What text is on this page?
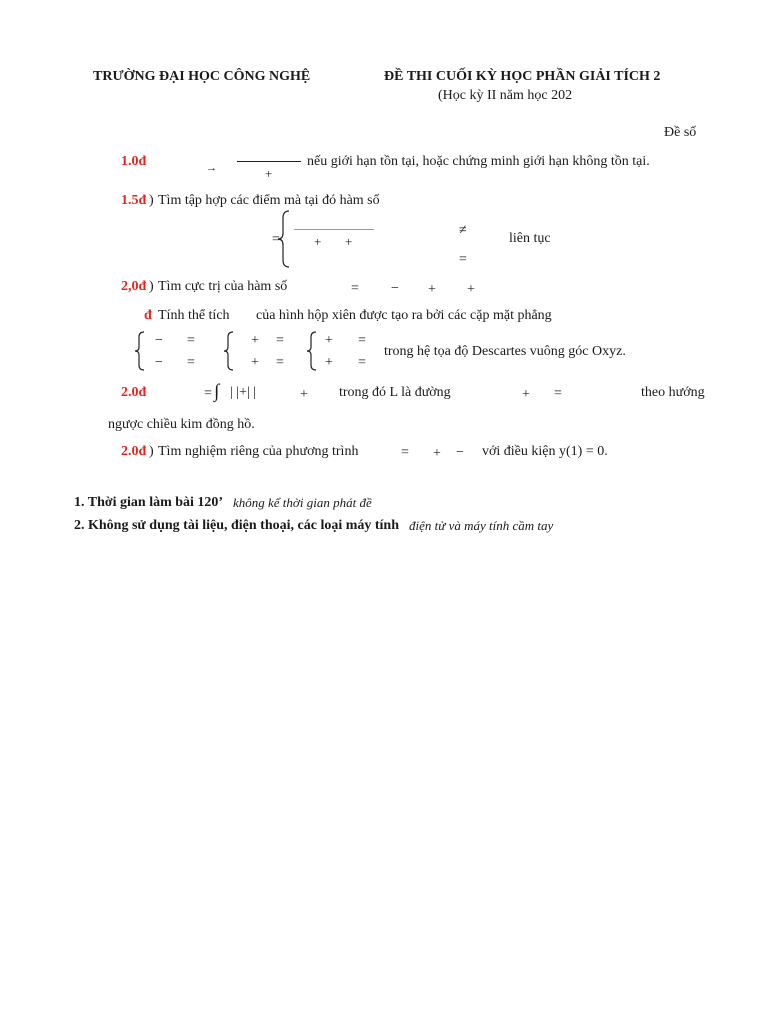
TRƯỜNG ĐẠI HỌC CÔNG NGHỆ	ĐỀ THI CUỐI KỲ HỌC PHẦN GIẢI TÍCH 2
(Học kỳ II năm học 202
Đề số
1.0đ	→	+
nếu giới hạn tồn tại, hoặc chứng minh giới hạn không tồn tại.
1.5đ ) Tìm tập hợp các điểm mà tại đó hàm số
=	+ +
≠
=
liên tục
2,0đ ) Tìm cực trị của hàm số	= − + +
đ Tính thể tích của hình hộp xiên được tạo ra bởi các cặp mặt phẳng
− =
− =
+ =
+ =
+ =
+ =
trong hệ tọa độ Descartes vuông góc Oxyz.
2.0đ	= ∫ | |+| |	+ trong đó L là đường	+ =	theo hướng
ngược chiều kim đồng hồ.
2.0đ ) Tìm nghiệm riêng của phương trình	= + − với điều kiện y(1) = 0.
1. Thời gian làm bài 120’ không kể thời gian phát đề
2. Không sử dụng tài liệu, điện thoại, các loại máy tính điện tử và máy tính cầm tay
